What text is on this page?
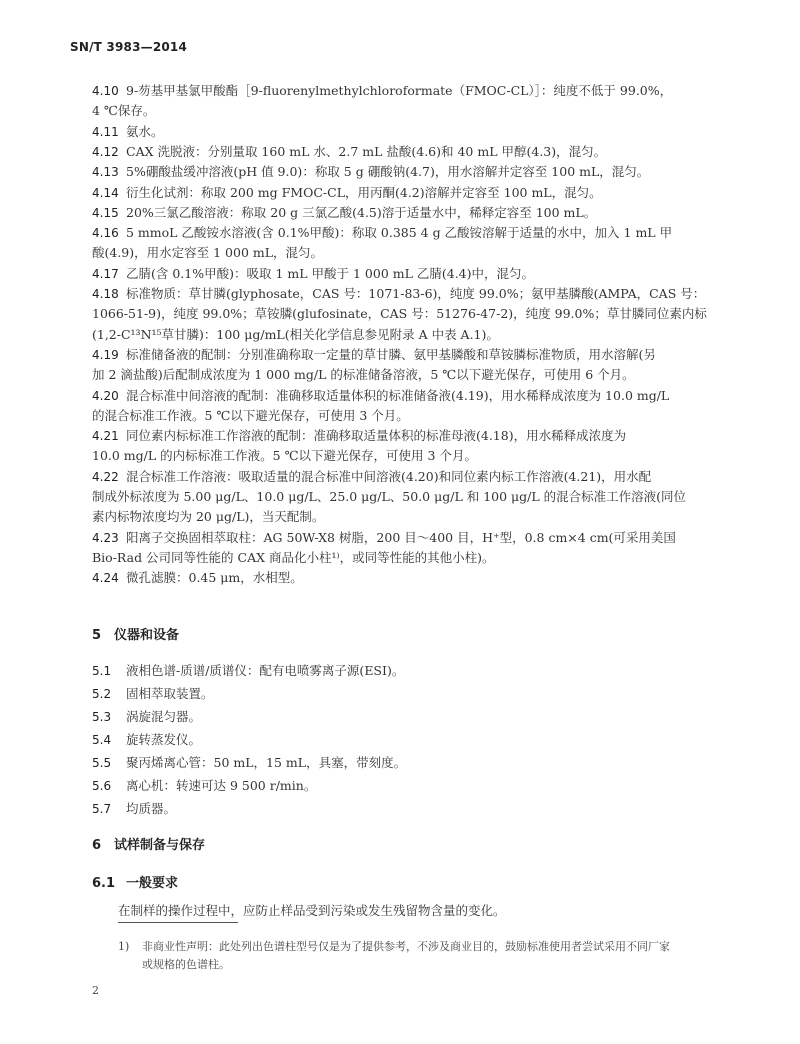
SN/T 3983—2014
4.10 9-芴基甲基氯甲酸酯［9-fluorenylmethylchloroformate（FMOC-CL）］：纯度不低于 99.0%，
4 ℃保存。
4.11 氨水。
4.12 CAX 洗脱液：分别量取 160 mL 水、2.7 mL 盐酸(4.6)和 40 mL 甲醇(4.3)，混匀。
4.13 5%硼酸盐缓冲溶液(pH 值 9.0)：称取 5 g 硼酸钠(4.7)，用水溶解并定容至 100 mL，混匀。
4.14 衍生化试剂：称取 200 mg FMOC-CL，用丙酮(4.2)溶解并定容至 100 mL，混匀。
4.15 20%三氯乙酸溶液：称取 20 g 三氯乙酸(4.5)溶于适量水中，稀释定容至 100 mL。
4.16 5 mmoL 乙酸铵水溶液(含 0.1%甲酸)：称取 0.385 4 g 乙酸铵溶解于适量的水中，加入 1 mL 甲
酸(4.9)，用水定容至 1 000 mL，混匀。
4.17 乙腈(含 0.1%甲酸)：吸取 1 mL 甲酸于 1 000 mL 乙腈(4.4)中，混匀。
4.18 标准物质：草甘膦(glyphosate，CAS 号：1071-83-6)，纯度 99.0%；氨甲基膦酸(AMPA，CAS 号：
1066-51-9)，纯度 99.0%；草铵膦(glufosinate，CAS 号：51276-47-2)，纯度 99.0%；草甘膦同位素内标
(1,2-C¹³N¹⁵草甘膦)：100 μg/mL(相关化学信息参见附录 A 中表 A.1)。
4.19 标准储备液的配制：分别准确称取一定量的草甘膦、氨甲基膦酸和草铵膦标准物质，用水溶解(另
加 2 滴盐酸)后配制成浓度为 1 000 mg/L 的标准储备溶液，5 ℃以下避光保存，可使用 6 个月。
4.20 混合标准中间溶液的配制：准确移取适量体积的标准储备液(4.19)，用水稀释成浓度为 10.0 mg/L
的混合标准工作液。5 ℃以下避光保存，可使用 3 个月。
4.21 同位素内标标准工作溶液的配制：准确移取适量体积的标准母液(4.18)，用水稀释成浓度为
10.0 mg/L 的内标标准工作液。5 ℃以下避光保存，可使用 3 个月。
4.22 混合标准工作溶液：吸取适量的混合标准中间溶液(4.20)和同位素内标工作溶液(4.21)，用水配
制成外标浓度为 5.00 μg/L、10.0 μg/L、25.0 μg/L、50.0 μg/L 和 100 μg/L 的混合标准工作溶液(同位
素内标物浓度均为 20 μg/L)，当天配制。
4.23 阳离子交换固相萃取柱：AG 50W-X8 树脂，200 目～400 目，H⁺型，0.8 cm×4 cm(可采用美国
Bio-Rad 公司同等性能的 CAX 商品化小柱¹⁾，或同等性能的其他小柱)。
4.24 微孔滤膜：0.45 μm，水相型。
5 仪器和设备
5.1 液相色谱-质谱/质谱仪：配有电喷雾离子源(ESI)。
5.2 固相萃取装置。
5.3 涡旋混匀器。
5.4 旋转蒸发仪。
5.5 聚丙烯离心管：50 mL，15 mL，具塞，带刻度。
5.6 离心机：转速可达 9 500 r/min。
5.7 均质器。
6 试样制备与保存
6.1 一般要求
在制样的操作过程中，应防止样品受到污染或发生残留物含量的变化。
1) 非商业性声明：此处列出色谱柱型号仅是为了提供参考，不涉及商业目的，鼓励标准使用者尝试采用不同厂家
或规格的色谱柱。
2
